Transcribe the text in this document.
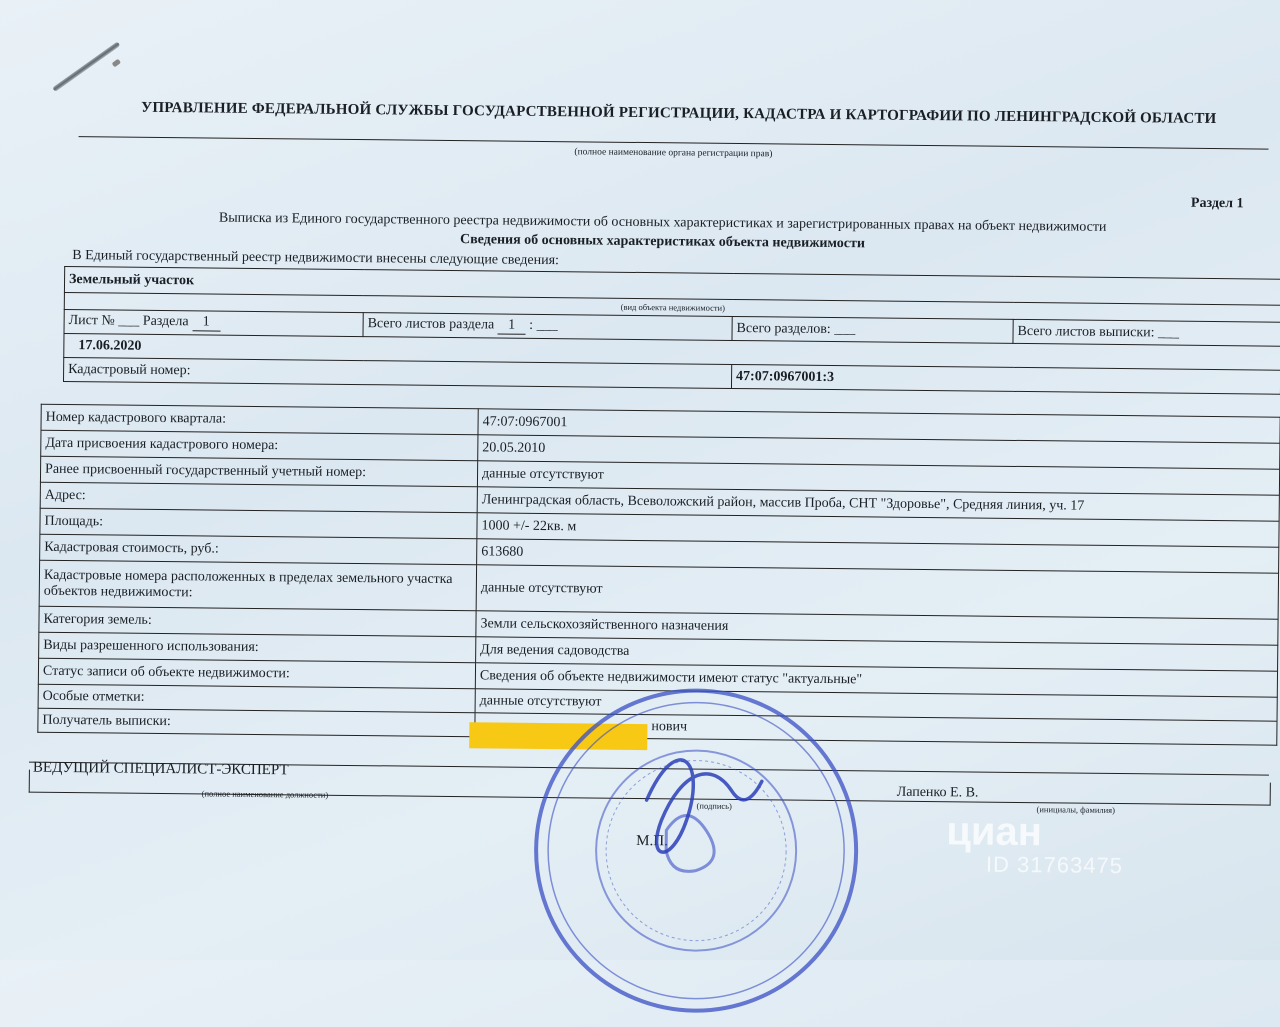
УПРАВЛЕНИЕ ФЕДЕРАЛЬНОЙ СЛУЖБЫ ГОСУДАРСТВЕННОЙ РЕГИСТРАЦИИ, КАДАСТРА И КАРТОГРАФИИ ПО ЛЕНИНГРАДСКОЙ ОБЛАСТИ
(полное наименование органа регистрации прав)
Раздел 1
Выписка из Единого государственного реестра недвижимости об основных характеристиках и зарегистрированных правах на объект недвижимости
Сведения об основных характеристиках объекта недвижимости
В Единый государственный реестр недвижимости внесены следующие сведения:
Земельный участок			
(вид объекта недвижимости)			
Лист № ___ Раздела 1	Всего листов раздела 1 : ___	Всего разделов: ___	Всего листов выписки: ___
17.06.2020			
Кадастровый номер:		47:07:0967001:3	
Номер кадастрового квартала:	47:07:0967001
Дата присвоения кадастрового номера:	20.05.2010
Ранее присвоенный государственный учетный номер:	данные отсутствуют
Адрес:	Ленинградская область, Всеволожский район, массив Проба, СНТ "Здоровье", Средняя линия, уч. 17
Площадь:	1000 +/- 22кв. м
Кадастровая стоимость, руб.:	613680
Кадастровые номера расположенных в пределах земельного участка объектов недвижимости:	данные отсутствуют
Категория земель:	Земли сельскохозяйственного назначения
Виды разрешенного использования:	Для ведения садоводства
Статус записи об объекте недвижимости:	Сведения об объекте недвижимости имеют статус "актуальные"
Особые отметки:	данные отсутствуют
Получатель выписки:	нович
ВЕДУЩИЙ СПЕЦИАЛИСТ-ЭКСПЕРТ
(полное наименование должности)
(подпись)
Лапенко Е. В.
(инициалы, фамилия)
М.П.	циан
ID 31763475
